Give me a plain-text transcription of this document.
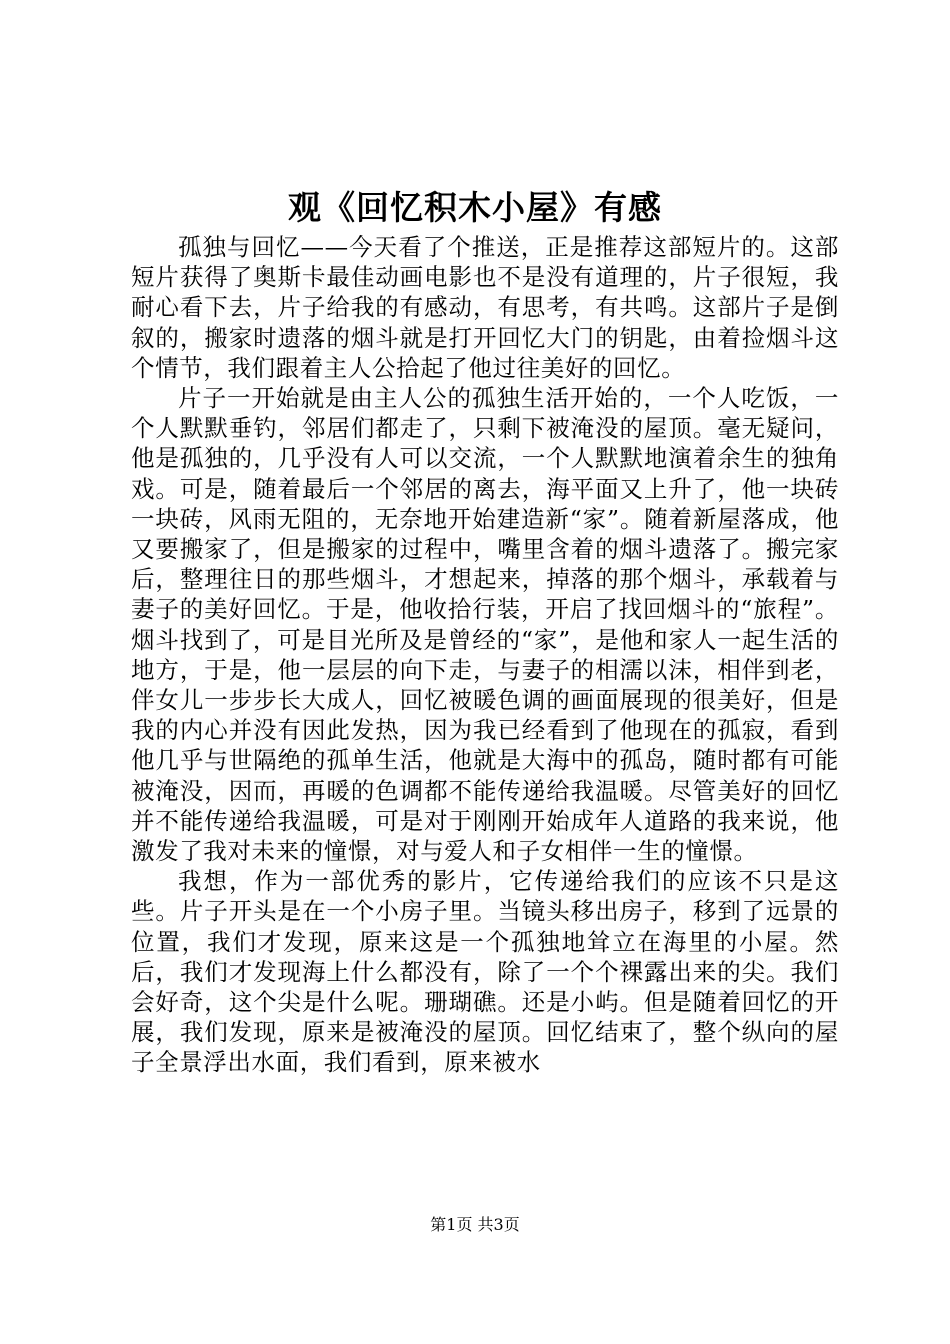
观《回忆积木小屋》有感

孤独与回忆——今天看了个推送，正是推荐这部短片的。这部短片获得了奥斯卡最佳动画电影也不是没有道理的，片子很短，我耐心看下去，片子给我的有感动，有思考，有共鸣。这部片子是倒叙的，搬家时遗落的烟斗就是打开回忆大门的钥匙，由着捡烟斗这个情节，我们跟着主人公拾起了他过往美好的回忆。

片子一开始就是由主人公的孤独生活开始的，一个人吃饭，一个人默默垂钓，邻居们都走了，只剩下被淹没的屋顶。毫无疑问，他是孤独的，几乎没有人可以交流，一个人默默地演着余生的独角戏。可是，随着最后一个邻居的离去，海平面又上升了，他一块砖一块砖，风雨无阻的，无奈地开始建造新“家”。随着新屋落成，他又要搬家了，但是搬家的过程中，嘴里含着的烟斗遗落了。搬完家后，整理往日的那些烟斗，才想起来，掉落的那个烟斗，承载着与妻子的美好回忆。于是，他收拾行装，开启了找回烟斗的“旅程”。烟斗找到了，可是目光所及是曾经的“家”，是他和家人一起生活的地方，于是，他一层层的向下走，与妻子的相濡以沫，相伴到老，伴女儿一步步长大成人，回忆被暖色调的画面展现的很美好，但是我的内心并没有因此发热，因为我已经看到了他现在的孤寂，看到他几乎与世隔绝的孤单生活，他就是大海中的孤岛，随时都有可能被淹没，因而，再暖的色调都不能传递给我温暖。尽管美好的回忆并不能传递给我温暖，可是对于刚刚开始成年人道路的我来说，他激发了我对未来的憧憬，对与爱人和子女相伴一生的憧憬。

我想，作为一部优秀的影片，它传递给我们的应该不只是这些。片子开头是在一个小房子里。当镜头移出房子，移到了远景的位置，我们才发现，原来这是一个孤独地耸立在海里的小屋。然后，我们才发现海上什么都没有，除了一个个裸露出来的尖。我们会好奇，这个尖是什么呢。珊瑚礁。还是小屿。但是随着回忆的开展，我们发现，原来是被淹没的屋顶。回忆结束了，整个纵向的屋子全景浮出水面，我们看到，原来被水

第1页 共3页
